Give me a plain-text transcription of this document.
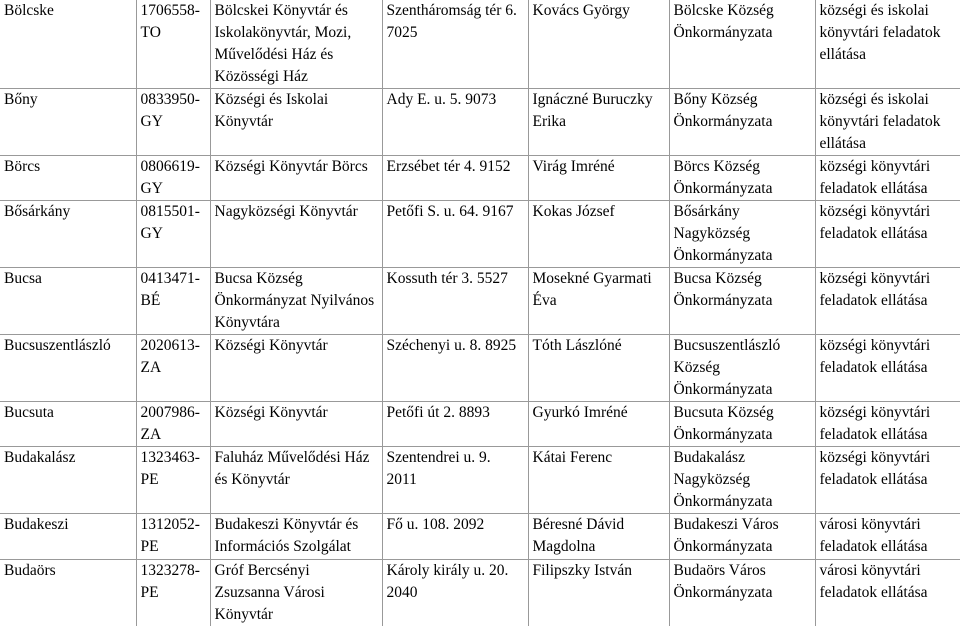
Bölcske	1706558-TO	Bölcskei Könyvtár és Iskolakönyvtár, Mozi, Művelődési Ház és Közösségi Ház	Szentháromság tér 6. 7025	Kovács György	Bölcske Község Önkormányzata	községi és iskolai könyvtári feladatok ellátása
Bőny	0833950-GY	Községi és Iskolai Könyvtár	Ady E. u. 5. 9073	Ignáczné Buruczky Erika	Bőny Község Önkormányzata	községi és iskolai könyvtári feladatok ellátása
Börcs	0806619-GY	Községi Könyvtár Börcs	Erzsébet tér 4. 9152	Virág Imréné	Börcs Község Önkormányzata	községi könyvtári feladatok ellátása
Bősárkány	0815501-GY	Nagyközségi Könyvtár	Petőfi S. u. 64. 9167	Kokas József	Bősárkány Nagyközség Önkormányzata	községi könyvtári feladatok ellátása
Bucsa	0413471-BÉ	Bucsa Község Önkormányzat Nyilvános Könyvtára	Kossuth tér 3. 5527	Mosekné Gyarmati Éva	Bucsa Község Önkormányzata	községi könyvtári feladatok ellátása
Bucsuszentlászló	2020613-ZA	Községi Könyvtár	Széchenyi u. 8. 8925	Tóth Lászlóné	Bucsuszentlászló Község Önkormányzata	községi könyvtári feladatok ellátása
Bucsuta	2007986-ZA	Községi Könyvtár	Petőfi út 2. 8893	Gyurkó Imréné	Bucsuta Község Önkormányzata	községi könyvtári feladatok ellátása
Budakalász	1323463-PE	Faluház Művelődési Ház és Könyvtár	Szentendrei u. 9. 2011	Kátai Ferenc	Budakalász Nagyközség Önkormányzata	községi könyvtári feladatok ellátása
Budakeszi	1312052-PE	Budakeszi Könyvtár és Információs Szolgálat	Fő u. 108. 2092	Béresné Dávid Magdolna	Budakeszi Város Önkormányzata	városi könyvtári feladatok ellátása
Budaörs	1323278-PE	Gróf Bercsényi Zsuzsanna Városi Könyvtár	Károly király u. 20. 2040	Filipszky István	Budaörs Város Önkormányzata	városi könyvtári feladatok ellátása
